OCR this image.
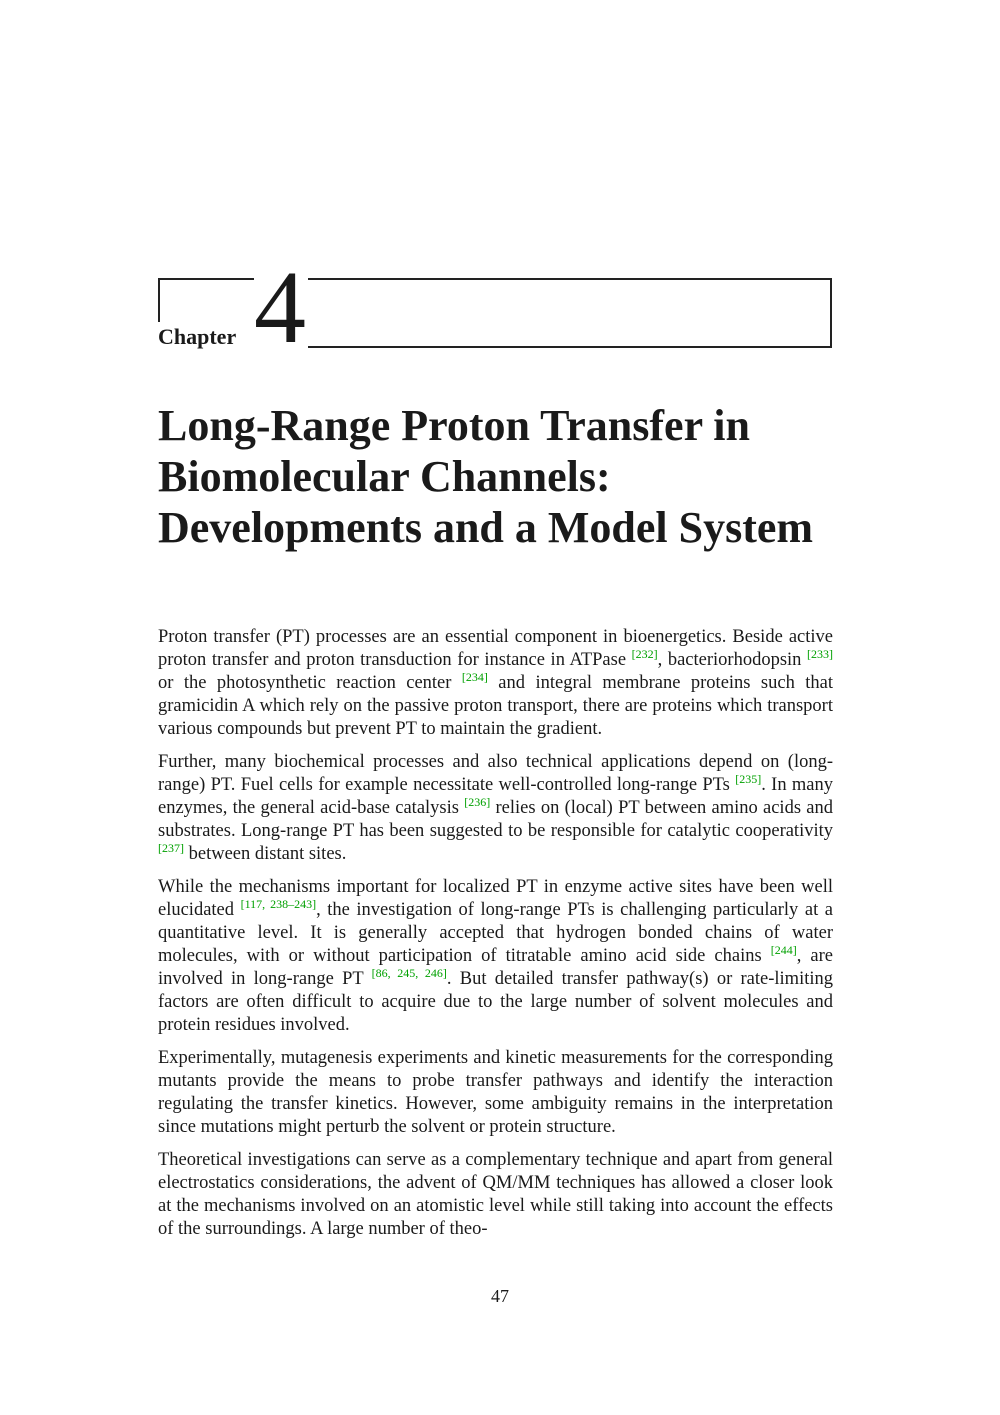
Chapter 4
Long-Range Proton Transfer in
Biomolecular Channels:
Developments and a Model System

Proton transfer (PT) processes are an essential component in bioenergetics. Beside active proton transfer and proton transduction for instance in ATPase [232], bacteriorhodopsin [233] or the photosynthetic reaction center [234] and integral membrane proteins such that gramicidin A which rely on the passive proton transport, there are proteins which transport various compounds but prevent PT to maintain the gradient.

Further, many biochemical processes and also technical applications depend on (long-range) PT. Fuel cells for example necessitate well-controlled long-range PTs [235]. In many enzymes, the general acid-base catalysis [236] relies on (local) PT between amino acids and substrates. Long-range PT has been suggested to be responsible for catalytic cooperativity [237] between distant sites.

While the mechanisms important for localized PT in enzyme active sites have been well elucidated [117, 238–243], the investigation of long-range PTs is challenging particularly at a quantitative level. It is generally accepted that hydrogen bonded chains of water molecules, with or without participation of titratable amino acid side chains [244], are involved in long-range PT [86, 245, 246]. But detailed transfer pathway(s) or rate-limiting factors are often difficult to acquire due to the large number of solvent molecules and protein residues involved.

Experimentally, mutagenesis experiments and kinetic measurements for the corresponding mutants provide the means to probe transfer pathways and identify the interaction regulating the transfer kinetics. However, some ambiguity remains in the interpretation since mutations might perturb the solvent or protein structure.

Theoretical investigations can serve as a complementary technique and apart from general electrostatics considerations, the advent of QM/MM techniques has allowed a closer look at the mechanisms involved on an atomistic level while still taking into account the effects of the surroundings. A large number of theo-

47
